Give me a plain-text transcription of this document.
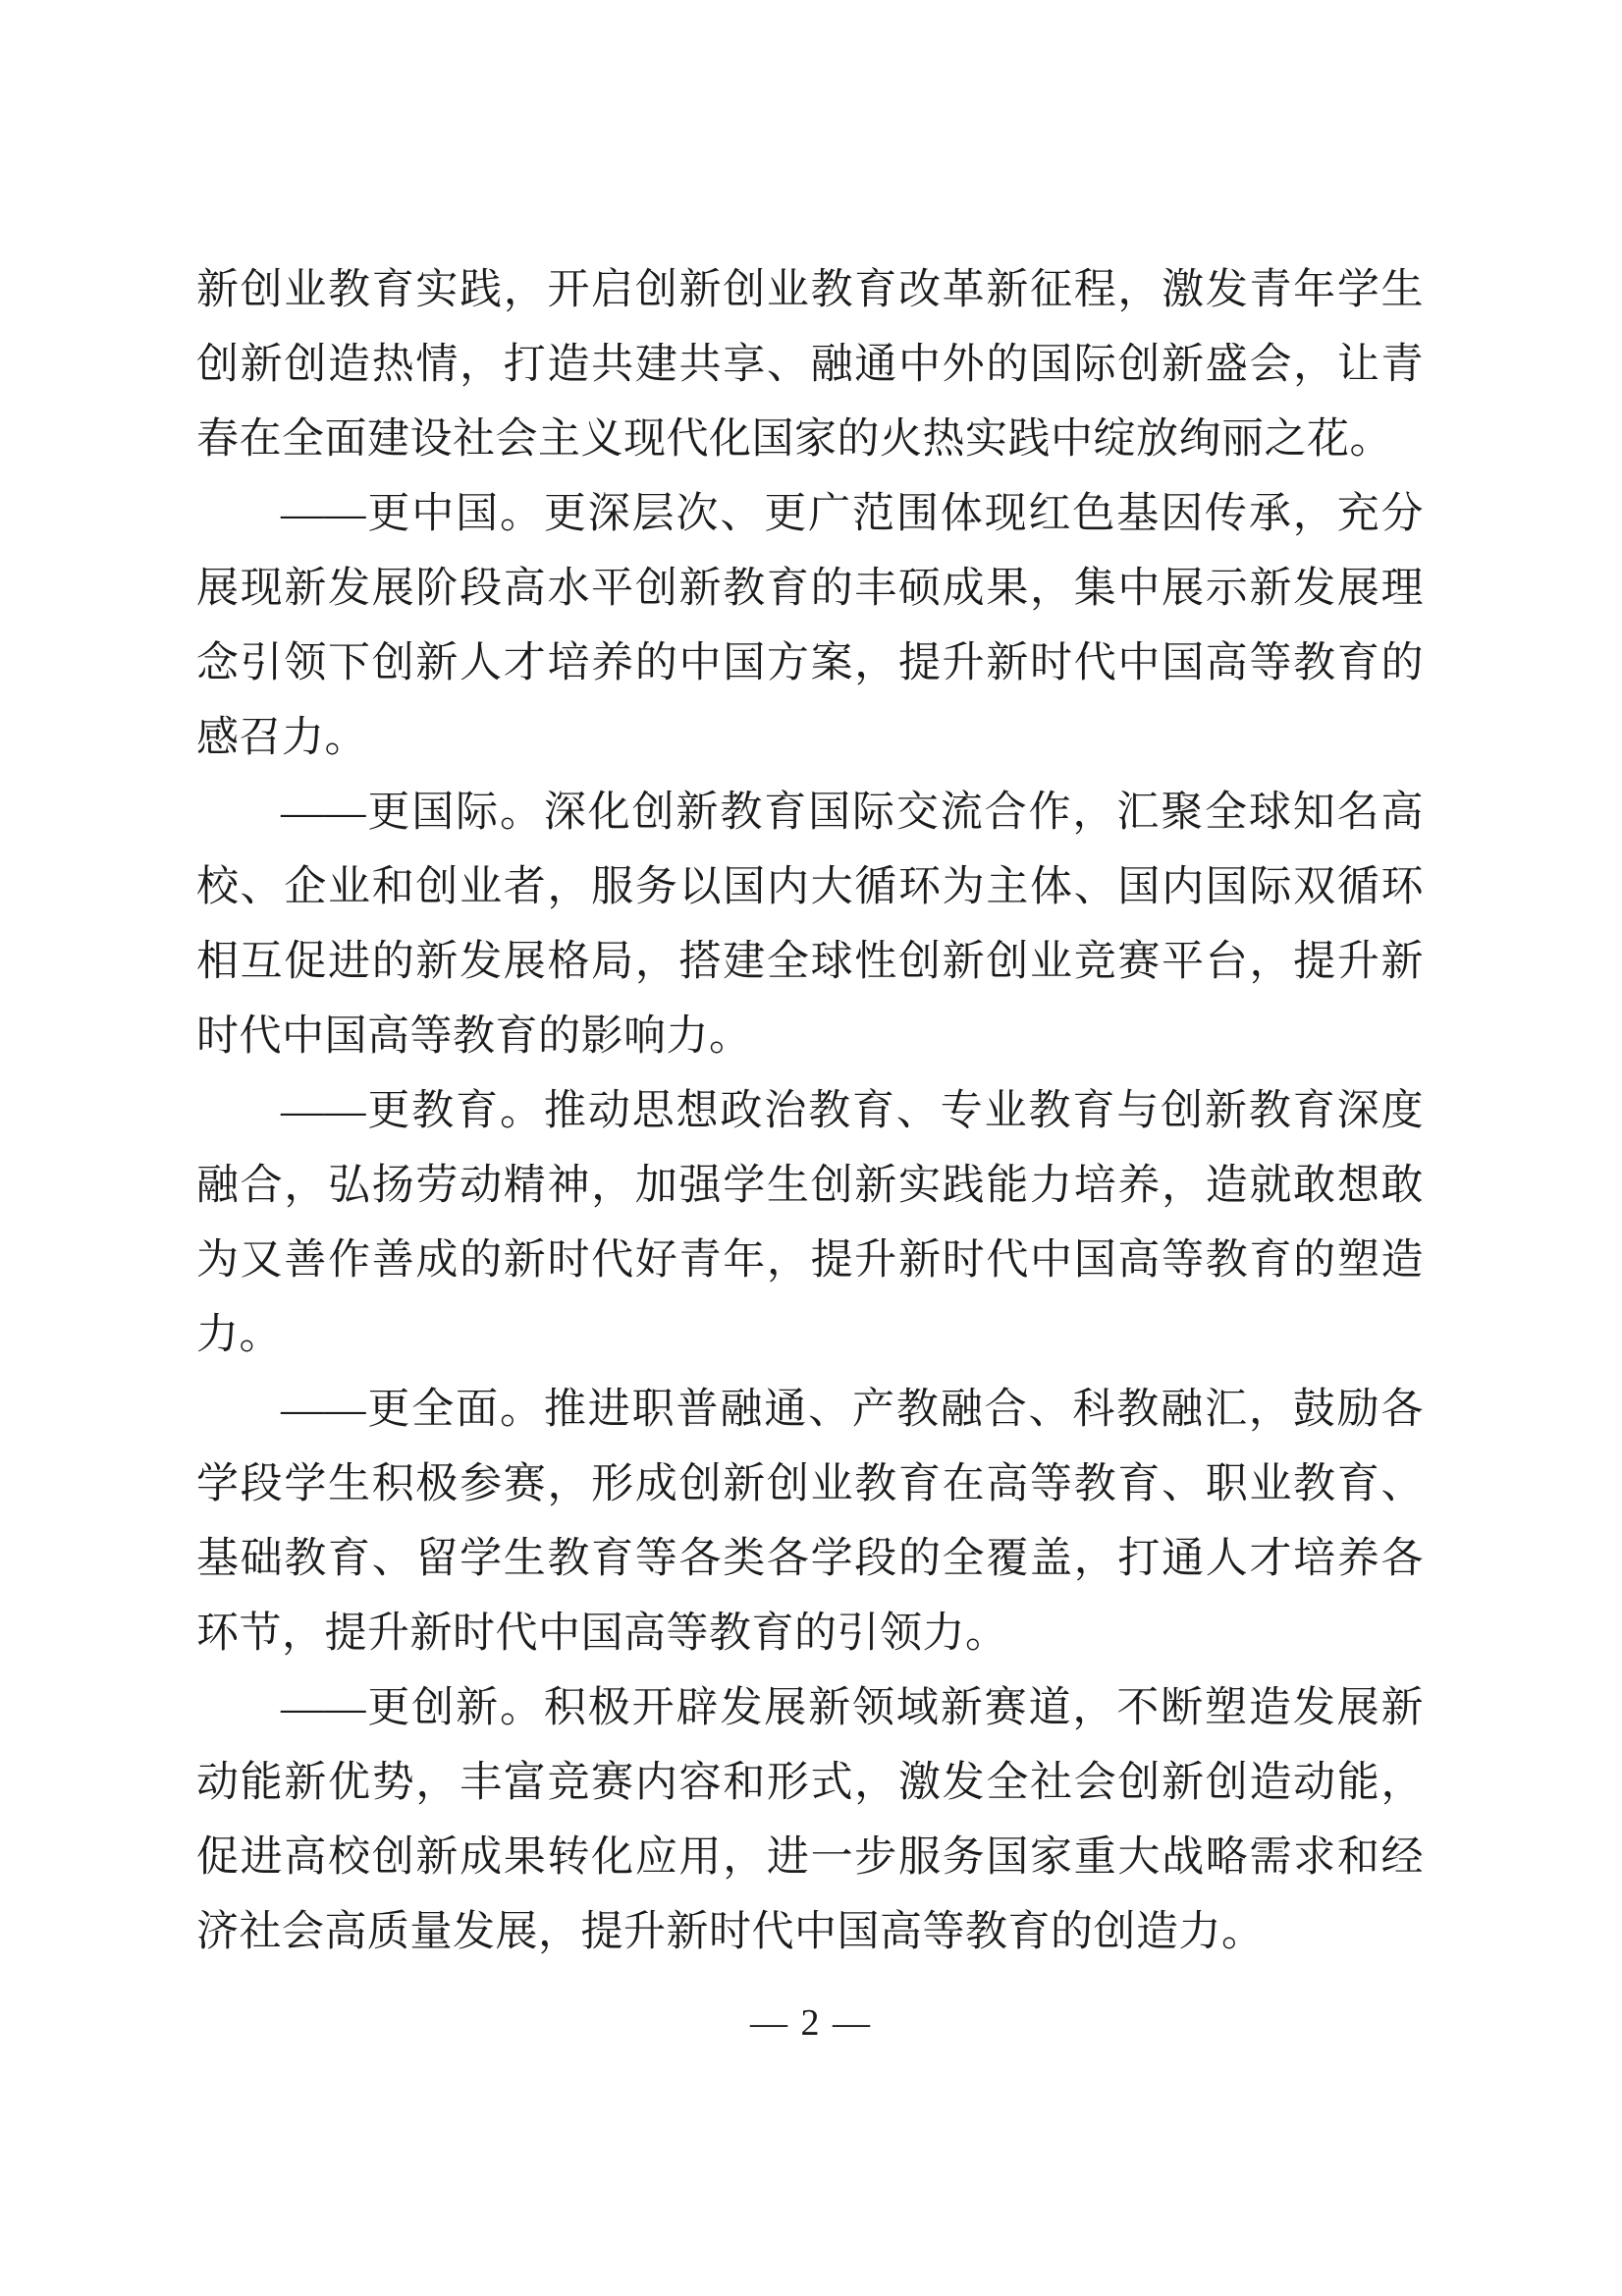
新创业教育实践，开启创新创业教育改革新征程，激发青年学生创新创造热情，打造共建共享、融通中外的国际创新盛会，让青春在全面建设社会主义现代化国家的火热实践中绽放绚丽之花。

——更中国。更深层次、更广范围体现红色基因传承，充分展现新发展阶段高水平创新教育的丰硕成果，集中展示新发展理念引领下创新人才培养的中国方案，提升新时代中国高等教育的感召力。

——更国际。深化创新教育国际交流合作，汇聚全球知名高校、企业和创业者，服务以国内大循环为主体、国内国际双循环相互促进的新发展格局，搭建全球性创新创业竞赛平台，提升新时代中国高等教育的影响力。

——更教育。推动思想政治教育、专业教育与创新教育深度融合，弘扬劳动精神，加强学生创新实践能力培养，造就敢想敢为又善作善成的新时代好青年，提升新时代中国高等教育的塑造力。

——更全面。推进职普融通、产教融合、科教融汇，鼓励各学段学生积极参赛，形成创新创业教育在高等教育、职业教育、基础教育、留学生教育等各类各学段的全覆盖，打通人才培养各环节，提升新时代中国高等教育的引领力。

——更创新。积极开辟发展新领域新赛道，不断塑造发展新动能新优势，丰富竞赛内容和形式，激发全社会创新创造动能，促进高校创新成果转化应用，进一步服务国家重大战略需求和经济社会高质量发展，提升新时代中国高等教育的创造力。

— 2 —
